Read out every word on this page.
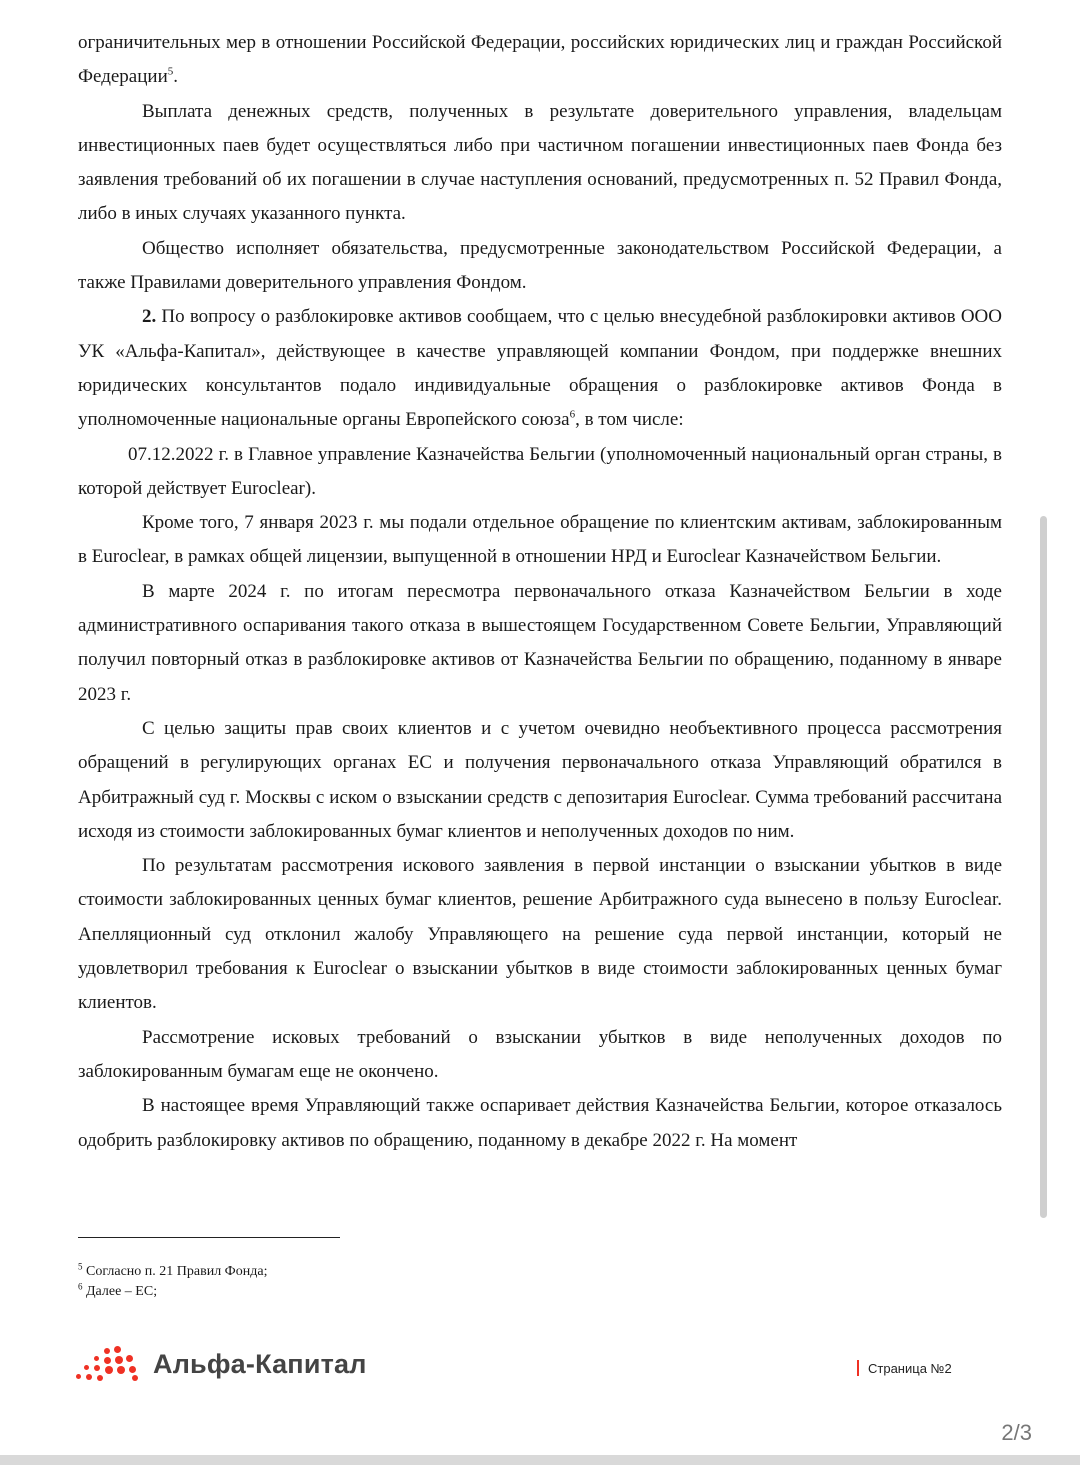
ограничительных мер в отношении Российской Федерации, российских юридических лиц и граждан Российской Федерации$^5$.

Выплата денежных средств, полученных в результате доверительного управления, владельцам инвестиционных паев будет осуществляться либо при частичном погашении инвестиционных паев Фонда без заявления требований об их погашении в случае наступления оснований, предусмотренных п. 52 Правил Фонда, либо в иных случаях указанного пункта.

Общество исполняет обязательства, предусмотренные законодательством Российской Федерации, а также Правилами доверительного управления Фондом.

2. По вопросу о разблокировке активов сообщаем, что с целью внесудебной разблокировки активов ООО УК «Альфа-Капитал», действующее в качестве управляющей компании Фондом, при поддержке внешних юридических консультантов подало индивидуальные обращения о разблокировке активов Фонда в уполномоченные национальные органы Европейского союза$^6$, в том числе:

07.12.2022 г. в Главное управление Казначейства Бельгии (уполномоченный национальный орган страны, в которой действует Euroclear).

Кроме того, 7 января 2023 г. мы подали отдельное обращение по клиентским активам, заблокированным в Euroclear, в рамках общей лицензии, выпущенной в отношении НРД и Euroclear Казначейством Бельгии.

В марте 2024 г. по итогам пересмотра первоначального отказа Казначейством Бельгии в ходе административного оспаривания такого отказа в вышестоящем Государственном Совете Бельгии, Управляющий получил повторный отказ в разблокировке активов от Казначейства Бельгии по обращению, поданному в январе 2023 г.

С целью защиты прав своих клиентов и с учетом очевидно необъективного процесса рассмотрения обращений в регулирующих органах ЕС и получения первоначального отказа Управляющий обратился в Арбитражный суд г. Москвы с иском о взыскании средств с депозитария Euroclear. Сумма требований рассчитана исходя из стоимости заблокированных бумаг клиентов и неполученных доходов по ним.

По результатам рассмотрения искового заявления в первой инстанции о взыскании убытков в виде стоимости заблокированных ценных бумаг клиентов, решение Арбитражного суда вынесено в пользу Euroclear. Апелляционный суд отклонил жалобу Управляющего на решение суда первой инстанции, который не удовлетворил требования к Euroclear о взыскании убытков в виде стоимости заблокированных ценных бумаг клиентов.

Рассмотрение исковых требований о взыскании убытков в виде неполученных доходов по заблокированным бумагам еще не окончено.

В настоящее время Управляющий также оспаривает действия Казначейства Бельгии, которое отказалось одобрить разблокировку активов по обращению, поданному в декабре 2022 г. На момент

$^5$ Согласно п. 21 Правил Фонда;
$^6$ Далее – ЕС;
Альфа-Капитал	Страница №2
2/3
